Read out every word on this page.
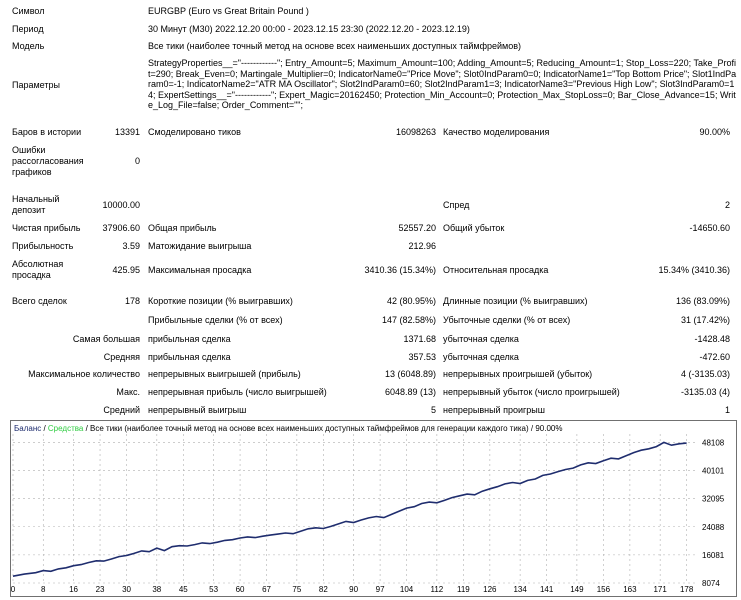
Символ	EURGBP (Euro vs Great Britain Pound )
Период	30 Минут (M30) 2022.12.20 00:00 - 2023.12.15 23:30 (2022.12.20 - 2023.12.19)
Модель	Все тики (наиболее точный метод на основе всех наименьших доступных таймфреймов)
Параметры
StrategyProperties__="------------"; Entry_Amount=5; Maximum_Amount=100; Adding_Amount=5; Reducing_Amount=1; Stop_Loss=220; Take_Profit=290; Break_Even=0; Martingale_Multiplier=0; IndicatorName0="Price Move"; Slot0IndParam0=0; IndicatorName1="Top Bottom Price"; Slot1IndParam0=-1; IndicatorName2="ATR MA Oscillator"; Slot2IndParam0=60; Slot2IndParam1=3; IndicatorName3="Previous High Low"; Slot3IndParam0=14; ExpertSettings__="------------"; Expert_Magic=20162450; Protection_Min_Account=0; Protection_Max_StopLoss=0; Bar_Close_Advance=15; Write_Log_File=false; Order_Comment="";
Баров в истории	13391 Смоделировано тиков	16098263 Качество моделирования	90.00%
Ошибки рассогласования графиков
0
Начальный депозит	10000.00	Спред	2
Чистая прибыль	37906.60 Общая прибыль	52557.20 Общий убыток	-14650.60
Прибыльность	3.59 Матожидание выигрыша	212.96
Абсолютная просадка	425.95 Максимальная просадка	3410.36 (15.34%) Относительная просадка	15.34% (3410.36)
Всего сделок	178 Короткие позиции (% выигравших)	42 (80.95%) Длинные позиции (% выигравших)	136 (83.09%)
Прибыльные сделки (% от всех)	147 (82.58%) Убыточные сделки (% от всех)	31 (17.42%)
Самая большая прибыльная сделка	1371.68 убыточная сделка	-1428.48
Средняя прибыльная сделка	357.53 убыточная сделка	-472.60
Максимальное количество непрерывных выигрышей (прибыль)	13 (6048.89) непрерывных проигрышей (убыток)	4 (-3135.03)
Макс. непрерывная прибыль (число выигрышей)	6048.89 (13) непрерывный убыток (число проигрышей)	-3135.03 (4)
Средний непрерывный выигрыш	5 непрерывный проигрыш	1
0	8	16 23 30	38 45	53 60 67	75 82	90 97 104 112 119 126 134 141 149 156 163 171 178
8074
16081
24088
32095
40101
48108
Баланс / Средства / Все тики (наиболее точный метод на основе всех наименьших доступных таймфреймов для генерации каждого тика) / 90.00%
